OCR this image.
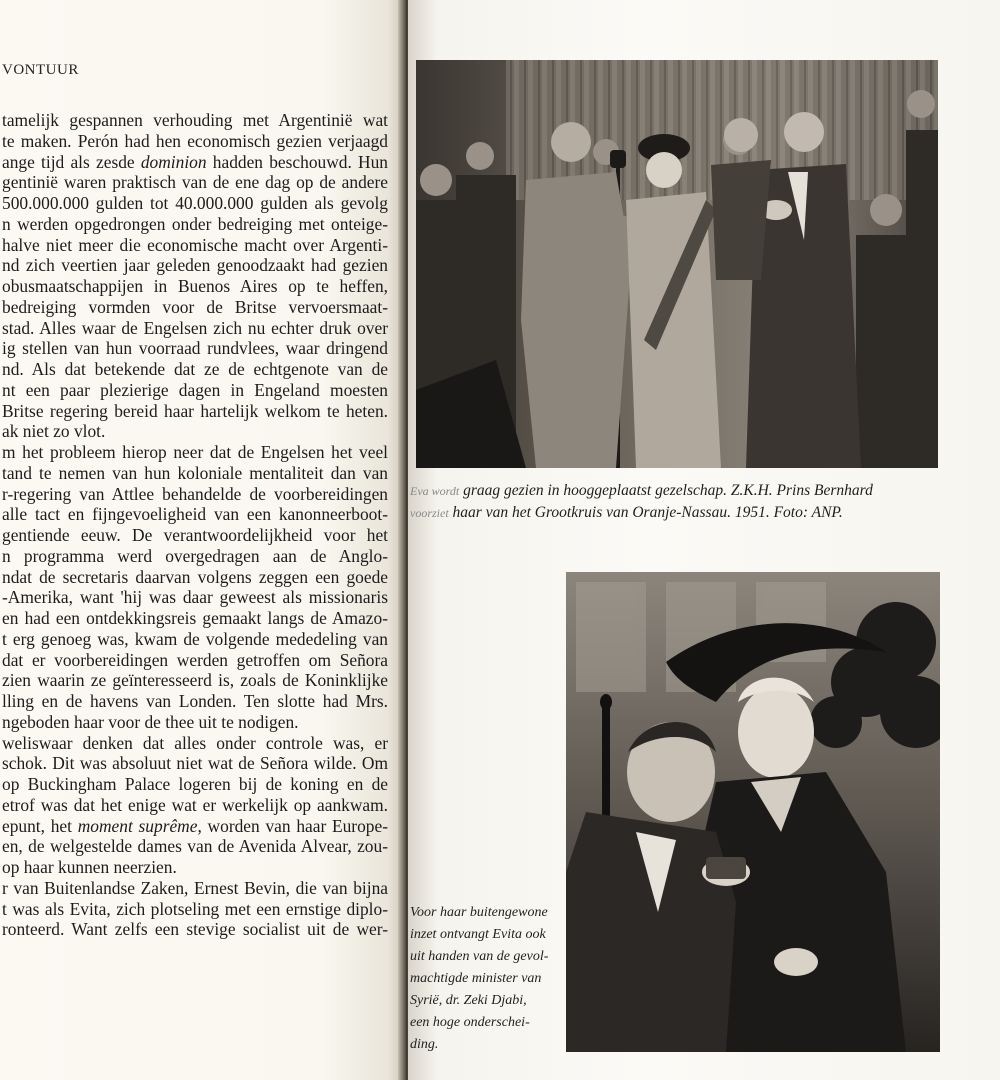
VONTUUR
tamelijk gespannen verhouding met Argentinië wat
te maken. Perón had hen economisch gezien verjaagd
ange tijd als zesde dominion hadden beschouwd. Hun
gentinië waren praktisch van de ene dag op de andere
500.000.000 gulden tot 40.000.000 gulden als gevolg
n werden opgedrongen onder bedreiging met onteige-
halve niet meer die economische macht over Argenti-
nd zich veertien jaar geleden genoodzaakt had gezien
obusmaatschappijen in Buenos Aires op te heffen,
bedreiging vormden voor de Britse vervoersmaat-
stad. Alles waar de Engelsen zich nu echter druk over
ig stellen van hun voorraad rundvlees, waar dringend
nd. Als dat betekende dat ze de echtgenote van de
nt een paar plezierige dagen in Engeland moesten
Britse regering bereid haar hartelijk welkom te heten.
ak niet zo vlot.
m het probleem hierop neer dat de Engelsen het veel
tand te nemen van hun koloniale mentaliteit dan van
r-regering van Attlee behandelde de voorbereidingen
alle tact en fijngevoeligheid van een kanonneerboot-
gentiende eeuw. De verantwoordelijkheid voor het
n programma werd overgedragen aan de Anglo-
ndat de secretaris daarvan volgens zeggen een goede
-Amerika, want 'hij was daar geweest als missionaris
en had een ontdekkingsreis gemaakt langs de Amazo-
t erg genoeg was, kwam de volgende mededeling van
dat er voorbereidingen werden getroffen om Señora
zien waarin ze geïnteresseerd is, zoals de Koninklijke
lling en de havens van Londen. Ten slotte had Mrs.
ngeboden haar voor de thee uit te nodigen.
weliswaar denken dat alles onder controle was, er
schok. Dit was absoluut niet wat de Señora wilde. Om
op Buckingham Palace logeren bij de koning en de
etrof was dat het enige wat er werkelijk op aankwam.
epunt, het moment suprême, worden van haar Europe-
en, de welgestelde dames van de Avenida Alvear, zou-
op haar kunnen neerzien.
r van Buitenlandse Zaken, Ernest Bevin, die van bijna
t was als Evita, zich plotseling met een ernstige diplo-
ronteerd. Want zelfs een stevige socialist uit de wer-
Eva wordt graag gezien in hooggeplaatst gezelschap. Z.K.H. Prins Bernhard
voorziet haar van het Grootkruis van Oranje-Nassau. 1951. Foto: ANP.
Voor haar buitengewone
inzet ontvangt Evita ook
uit handen van de gevol-
machtigde minister van
Syrië, dr. Zeki Djabi,
een hoge onderschei-
ding.
